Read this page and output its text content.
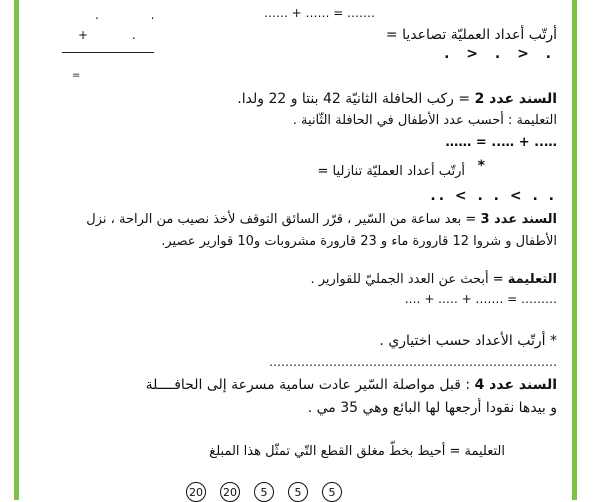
……. = …… + ……
. .
أرتّب أعداد العمليّة تصاعديا =
+ .
. > . > .
=
السند عدد 2 = ركب الحافلة الثانيّة 42 بنتا و 22 ولدا.
التعليمة : أحسب عدد الأطفال في الحافلة الثّانية .
….. + ….. = ……
*
أرتّب أعداد العمليّة تنازليا =
.. < . . < . .
السند عدد 3 = بعد ساعة من السّير ، قرّر السائق التوقف لأخذ نصيب من الراحة ، نزل
الأطفال و شروا 12 قارورة ماء و 23 قارورة مشروبات و10 قوارير عصير.
التعليمة = أبحث عن العدد الجمليّ للقوارير .
……… = ……. + ….. + ….
* أرتّب الأعداد حسب اختياري .
………………………………………………………………
السند عدد 4 : قبل مواصلة السّير عادت سامية مسرعة إلى الحافــــلة
و بيدها نقودا أرجعها لها البائع وهي 35 مي .
التعليمة = أحيط بخطّ مغلق القطع التّي تمثّل هذا المبلغ
20 20	5	5	5
